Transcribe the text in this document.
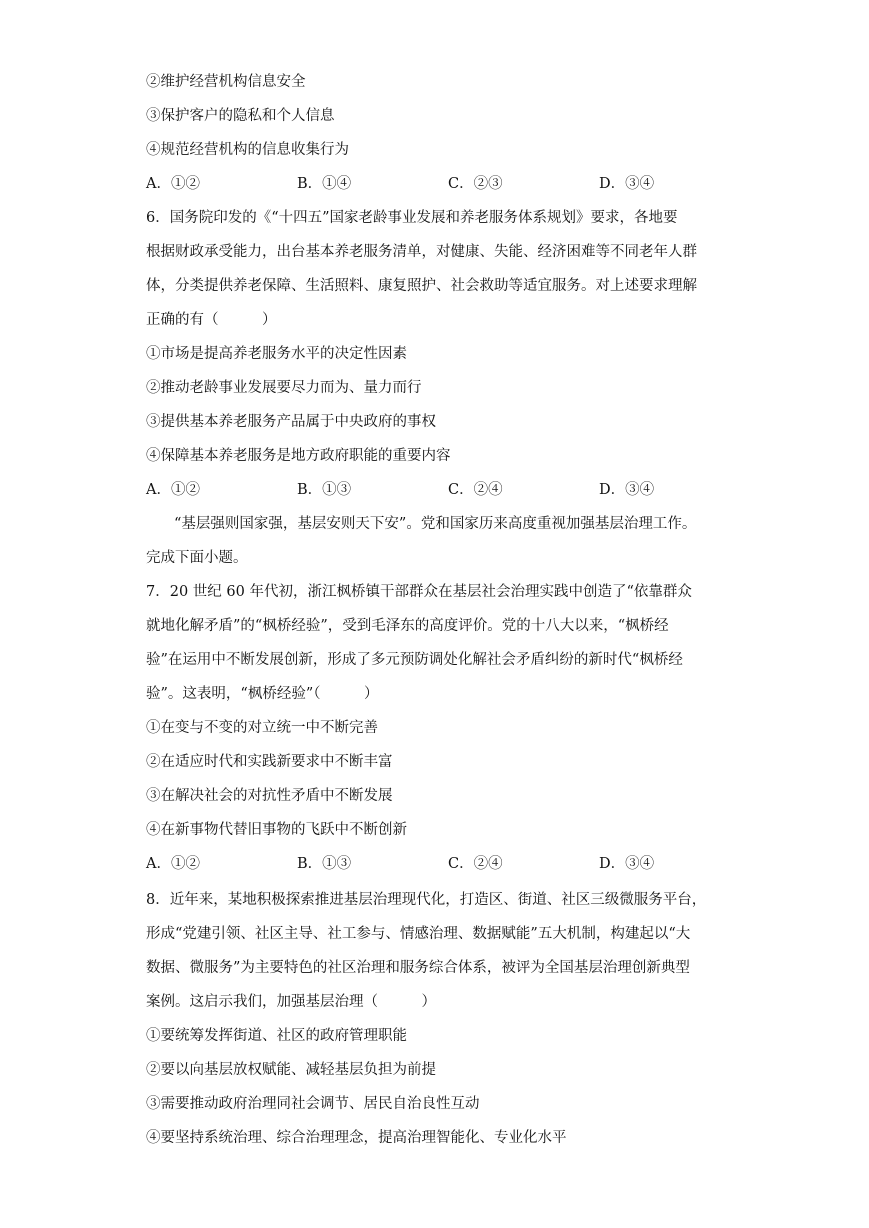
②维护经营机构信息安全
③保护客户的隐私和个人信息
④规范经营机构的信息收集行为
A．①②	B．①④	C．②③	D．③④
6．国务院印发的《“十四五”国家老龄事业发展和养老服务体系规划》要求，各地要
根据财政承受能力，出台基本养老服务清单，对健康、失能、经济困难等不同老年人群
体，分类提供养老保障、生活照料、康复照护、社会救助等适宜服务。对上述要求理解
正确的有（　　　）
①市场是提高养老服务水平的决定性因素
②推动老龄事业发展要尽力而为、量力而行
③提供基本养老服务产品属于中央政府的事权
④保障基本养老服务是地方政府职能的重要内容
A．①②	B．①③	C．②④	D．③④
“基层强则国家强，基层安则天下安”。党和国家历来高度重视加强基层治理工作。
完成下面小题。
7．20 世纪 60 年代初，浙江枫桥镇干部群众在基层社会治理实践中创造了“依靠群众
就地化解矛盾”的“枫桥经验”，受到毛泽东的高度评价。党的十八大以来，“枫桥经
验”在运用中不断发展创新，形成了多元预防调处化解社会矛盾纠纷的新时代“枫桥经
验”。这表明，“枫桥经验”（　　　）
①在变与不变的对立统一中不断完善
②在适应时代和实践新要求中不断丰富
③在解决社会的对抗性矛盾中不断发展
④在新事物代替旧事物的飞跃中不断创新
A．①②	B．①③	C．②④	D．③④
8．近年来，某地积极探索推进基层治理现代化，打造区、街道、社区三级微服务平台，
形成“党建引领、社区主导、社工参与、情感治理、数据赋能”五大机制，构建起以“大
数据、微服务”为主要特色的社区治理和服务综合体系，被评为全国基层治理创新典型
案例。这启示我们，加强基层治理（　　　）
①要统筹发挥街道、社区的政府管理职能
②要以向基层放权赋能、减轻基层负担为前提
③需要推动政府治理同社会调节、居民自治良性互动
④要坚持系统治理、综合治理理念，提高治理智能化、专业化水平
